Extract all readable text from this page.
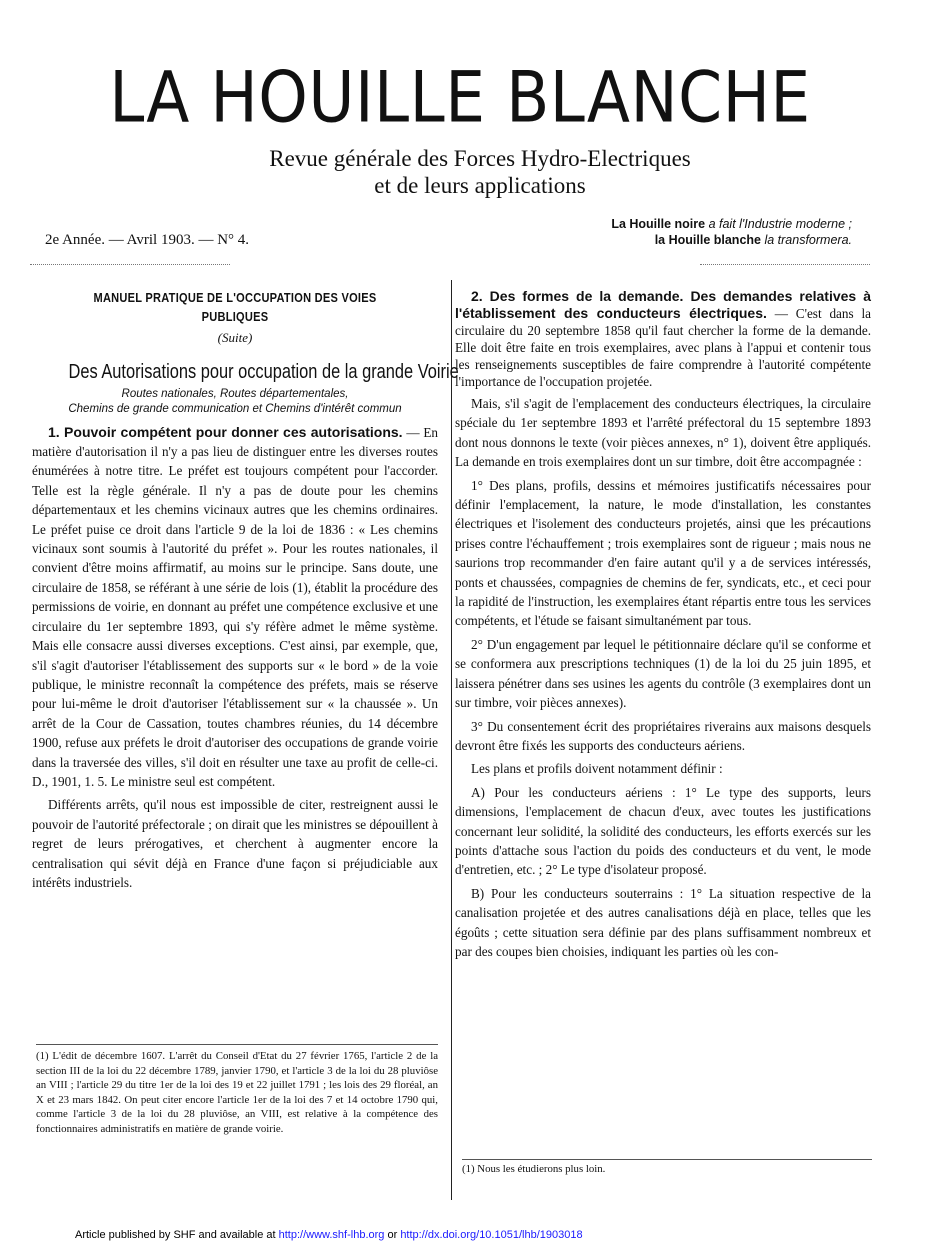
LA HOUILLE BLANCHE
Revue générale des Forces Hydro-Electriques
et de leurs applications
2e Année. — Avril 1903. — N° 4.
La Houille noire a fait l'Industrie moderne ;
la Houille blanche la transformera.
MANUEL PRATIQUE DE L'OCCUPATION DES VOIES PUBLIQUES
(Suite)
Des Autorisations pour occupation de la grande Voirie
Routes nationales, Routes départementales,
Chemins de grande communication et Chemins d'intérêt commun

1. Pouvoir compétent pour donner ces autorisations. — En matière d'autorisation il n'y a pas lieu de distinguer entre les diverses routes énumérées à notre titre. Le préfet est toujours compétent pour l'accorder. Telle est la règle générale. Il n'y a pas de doute pour les chemins départementaux et les chemins vicinaux autres que les chemins ordinaires. Le préfet puise ce droit dans l'article 9 de la loi de 1836 : « Les chemins vicinaux sont soumis à l'autorité du préfet ». Pour les routes nationales, il convient d'être moins affirmatif, au moins sur le principe. Sans doute, une circulaire de 1858, se référant à une série de lois (1), établit la procédure des permissions de voirie, en donnant au préfet une compétence exclusive et une circulaire du 1er septembre 1893, qui s'y réfère admet le même système. Mais elle consacre aussi diverses exceptions. C'est ainsi, par exemple, que, s'il s'agit d'autoriser l'établissement des supports sur « le bord » de la voie publique, le ministre reconnaît la compétence des préfets, mais se réserve pour lui-même le droit d'autoriser l'établissement sur « la chaussée ». Un arrêt de la Cour de Cassation, toutes chambres réunies, du 14 décembre 1900, refuse aux préfets le droit d'autoriser des occupations de grande voirie dans la traversée des villes, s'il doit en résulter une taxe au profit de celle-ci. D., 1901, 1. 5. Le ministre seul est compétent.

Différents arrêts, qu'il nous est impossible de citer, restreignent aussi le pouvoir de l'autorité préfectorale ; on dirait que les ministres se dépouillent à regret de leurs prérogatives, et cherchent à augmenter encore la centralisation qui sévit déjà en France d'une façon si préjudiciable aux intérêts industriels.

(1) L'édit de décembre 1607. L'arrêt du Conseil d'Etat du 27 février 1765, l'article 2 de la section III de la loi du 22 décembre 1789, janvier 1790, et l'article 3 de la loi du 28 pluviôse an VIII ; l'article 29 du titre 1er de la loi des 19 et 22 juillet 1791 ; les lois des 29 floréal, an X et 23 mars 1842. On peut citer encore l'article 1er de la loi des 7 et 14 octobre 1790 qui, comme l'article 3 de la loi du 28 pluviôse, an VIII, est relative à la compétence des fonctionnaires administratifs en matière de grande voirie.

2. Des formes de la demande. Des demandes relatives à l'établissement des conducteurs électriques. — C'est dans la circulaire du 20 septembre 1858 qu'il faut chercher la forme de la demande. Elle doit être faite en trois exemplaires, avec plans à l'appui et contenir tous les renseignements susceptibles de faire comprendre à l'autorité compétente l'importance de l'occupation projetée.

Mais, s'il s'agit de l'emplacement des conducteurs électriques, la circulaire spéciale du 1er septembre 1893 et l'arrêté préfectoral du 15 septembre 1893 dont nous donnons le texte (voir pièces annexes, n° 1), doivent être appliqués. La demande en trois exemplaires dont un sur timbre, doit être accompagnée :

1° Des plans, profils, dessins et mémoires justificatifs nécessaires pour définir l'emplacement, la nature, le mode d'installation, les constantes électriques et l'isolement des conducteurs projetés, ainsi que les précautions prises contre l'échauffement ; trois exemplaires sont de rigueur ; mais nous ne saurions trop recommander d'en faire autant qu'il y a de services intéressés, ponts et chaussées, compagnies de chemins de fer, syndicats, etc., et ceci pour la rapidité de l'instruction, les exemplaires étant répartis entre tous les services compétents, et l'étude se faisant simultanément par tous.

2° D'un engagement par lequel le pétitionnaire déclare qu'il se conforme et se conformera aux prescriptions techniques (1) de la loi du 25 juin 1895, et laissera pénétrer dans ses usines les agents du contrôle (3 exemplaires dont un sur timbre, voir pièces annexes).

3° Du consentement écrit des propriétaires riverains aux maisons desquels devront être fixés les supports des conducteurs aériens.

Les plans et profils doivent notamment définir :

A) Pour les conducteurs aériens : 1° Le type des supports, leurs dimensions, l'emplacement de chacun d'eux, avec toutes les justifications concernant leur solidité, la solidité des conducteurs, les efforts exercés sur les points d'attache sous l'action du poids des conducteurs et du vent, le mode d'entretien, etc. ; 2° Le type d'isolateur proposé.

B) Pour les conducteurs souterrains : 1° La situation respective de la canalisation projetée et des autres canalisations déjà en place, telles que les égoûts ; cette situation sera définie par des plans suffisamment nombreux et par des coupes bien choisies, indiquant les parties où les con-

(1) Nous les étudierons plus loin.
Article published by SHF and available at http://www.shf-lhb.org or http://dx.doi.org/10.1051/lhb/1903018
